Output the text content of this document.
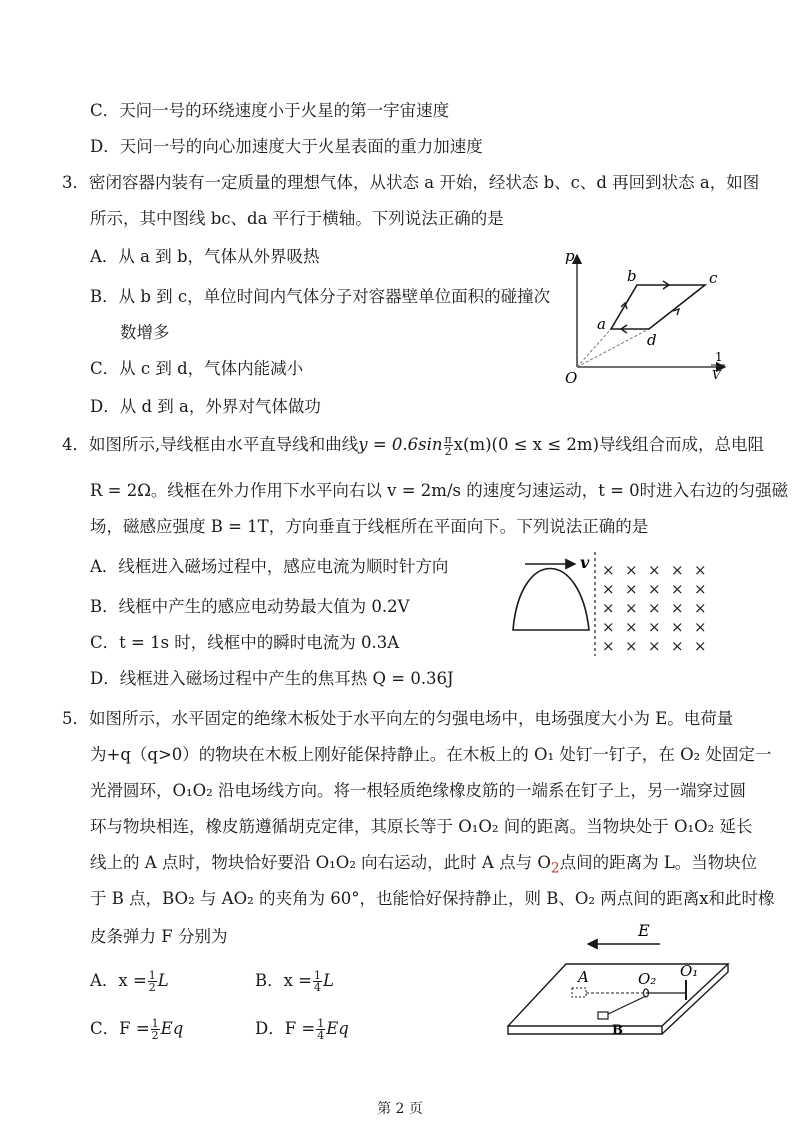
C．天问一号的环绕速度小于火星的第一宇宙速度
D．天问一号的向心加速度大于火星表面的重力加速度
3．密闭容器内装有一定质量的理想气体，从状态 a 开始，经状态 b、c、d 再回到状态 a，如图
所示，其中图线 bc、da 平行于横轴。下列说法正确的是
A．从 a 到 b，气体从外界吸热
B．从 b 到 c，单位时间内气体分子对容器壁单位面积的碰撞次
数增多
C．从 c 到 d，气体内能减小
D．从 d 到 a，外界对气体做功
p
b	c
a
d
O
1
V
4．如图所示,导线框由水平直导线和曲线$y = 0.6\sin \frac{\pi}{2} x(m)(0 \le x \le 2m)$导线组合而成，总电阻
R = 2Ω。线框在外力作用下水平向右以 v = 2m/s 的速度匀速运动，t = 0时进入右边的匀强磁
场，磁感应强度 B = 1T，方向垂直于线框所在平面向下。下列说法正确的是
A．线框进入磁场过程中，感应电流为顺时针方向
B．线框中产生的感应电动势最大值为 0.2V
C．t = 1s 时，线框中的瞬时电流为 0.3A
D．线框进入磁场过程中产生的焦耳热 Q = 0.36J
v × × × × ×
× × × × ×
× × × × ×
× × × × ×
× × × × ×
5．如图所示，水平固定的绝缘木板处于水平向左的匀强电场中，电场强度大小为 E。电荷量
为+q（q>0）的物块在木板上刚好能保持静止。在木板上的 O₁ 处钉一钉子，在 O₂ 处固定一
光滑圆环，O₁O₂ 沿电场线方向。将一根轻质绝缘橡皮筋的一端系在钉子上，另一端穿过圆
环与物块相连，橡皮筋遵循胡克定律，其原长等于 O₁O₂ 间的距离。当物块处于 O₁O₂ 延长
线上的 A 点时，物块恰好要沿 O₁O₂ 向右运动，此时 A 点与 $O_2$点间的距离为 L。当物块位
于 B 点，BO₂ 与 AO₂ 的夹角为 60°，也能恰好保持静止，则 B、O₂ 两点间的距离x和此时橡
皮条弹力 F 分别为
A．$x = \frac{1}{2}$ L	B．$x = \frac{1}{4}$ L
C．$F = \frac{1}{2}$ Eq	D．$F = \frac{1}{4}$ Eq
E
A	O₂ O₁
B
第 2 页
